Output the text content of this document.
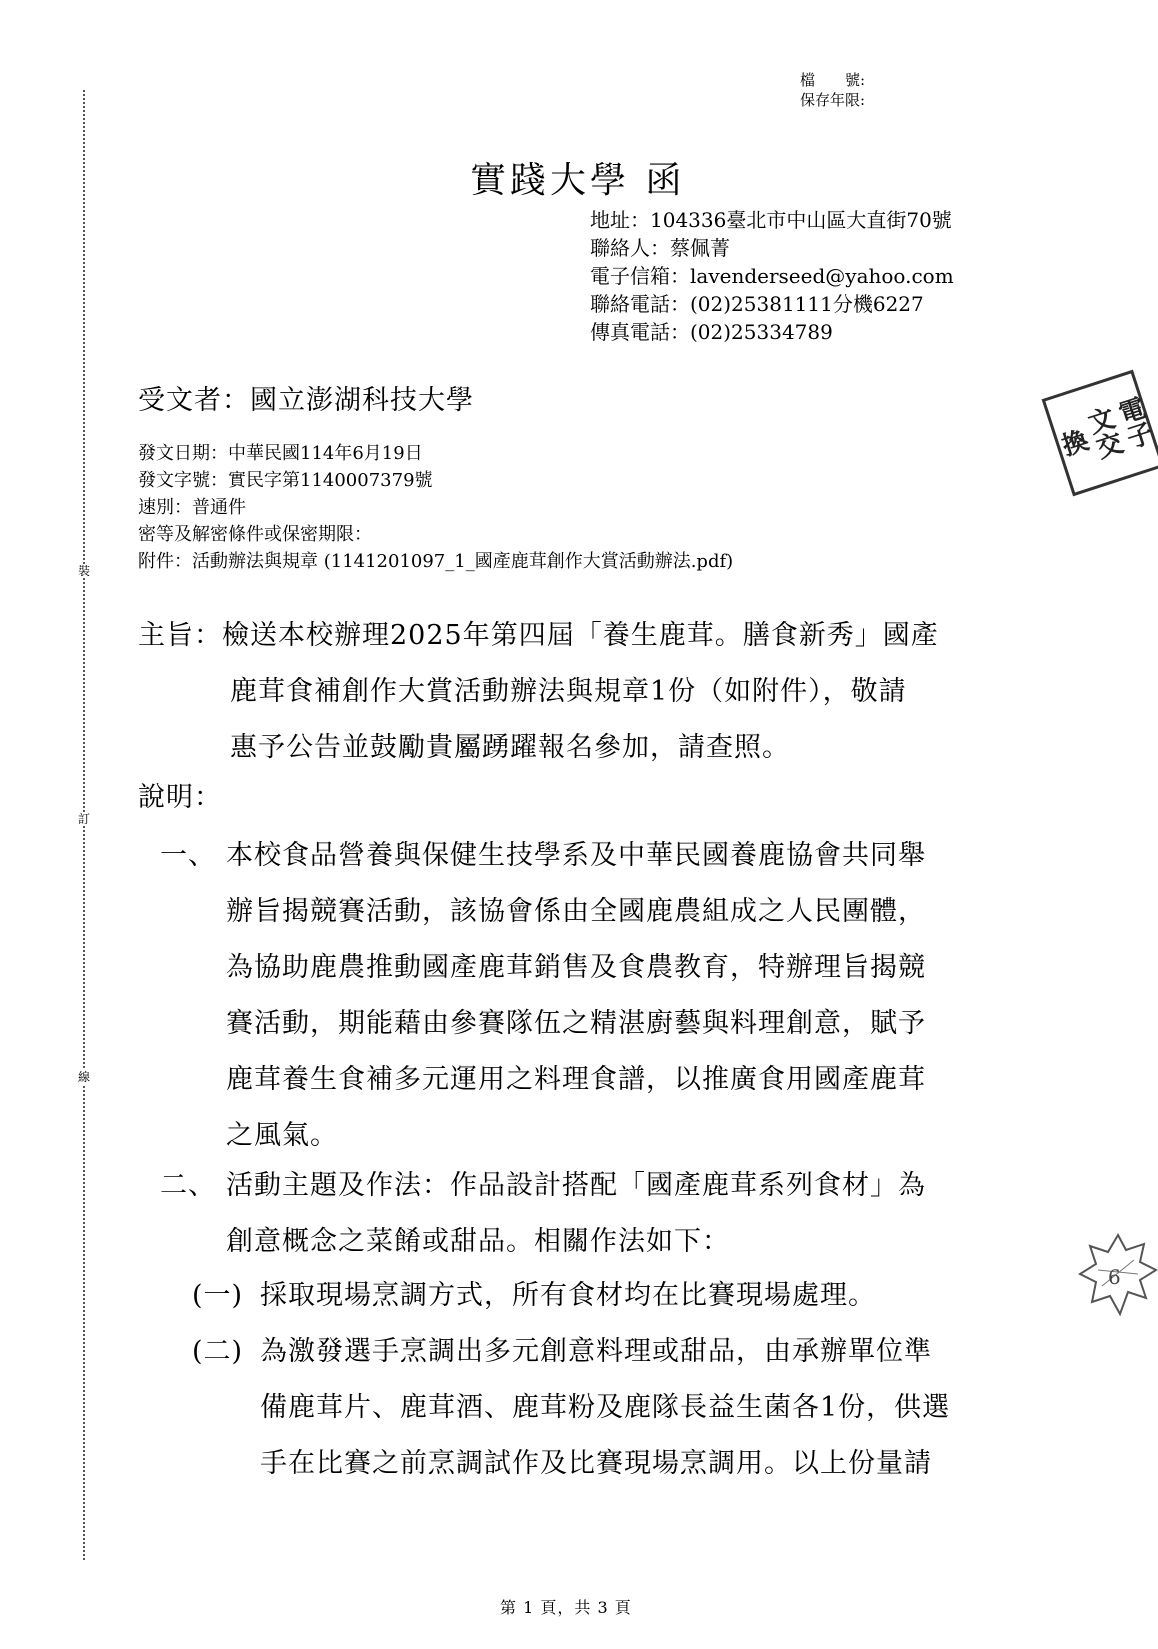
檔　　號:
保存年限:
實踐大學 函
地址：104336臺北市中山區大直街70號
聯絡人：蔡佩菁
電子信箱：lavenderseed@yahoo.com
聯絡電話：(02)25381111分機6227
傳真電話：(02)25334789
電子
文交
換
受文者：國立澎湖科技大學
發文日期：中華民國114年6月19日
發文字號：實民字第1140007379號
速別：普通件
密等及解密條件或保密期限：
附件：活動辦法與規章 (1141201097_1_國產鹿茸創作大賞活動辦法.pdf)
主旨：檢送本校辦理2025年第四屆「養生鹿茸。膳食新秀」國產
鹿茸食補創作大賞活動辦法與規章1份（如附件），敬請
惠予公告並鼓勵貴屬踴躍報名參加，請查照。
說明：
一、 本校食品營養與保健生技學系及中華民國養鹿協會共同舉
辦旨揭競賽活動，該協會係由全國鹿農組成之人民團體，
為協助鹿農推動國產鹿茸銷售及食農教育，特辦理旨揭競
賽活動，期能藉由參賽隊伍之精湛廚藝與料理創意，賦予
鹿茸養生食補多元運用之料理食譜，以推廣食用國產鹿茸
之風氣。
二、 活動主題及作法：作品設計搭配「國產鹿茸系列食材」為
創意概念之菜餚或甜品。相關作法如下：
(一) 採取現場烹調方式，所有食材均在比賽現場處理。
(二) 為激發選手烹調出多元創意料理或甜品，由承辦單位準
備鹿茸片、鹿茸酒、鹿茸粉及鹿隊長益生菌各1份，供選
手在比賽之前烹調試作及比賽現場烹調用。以上份量請
裝
訂
線
6
第 1 頁，共 3 頁
